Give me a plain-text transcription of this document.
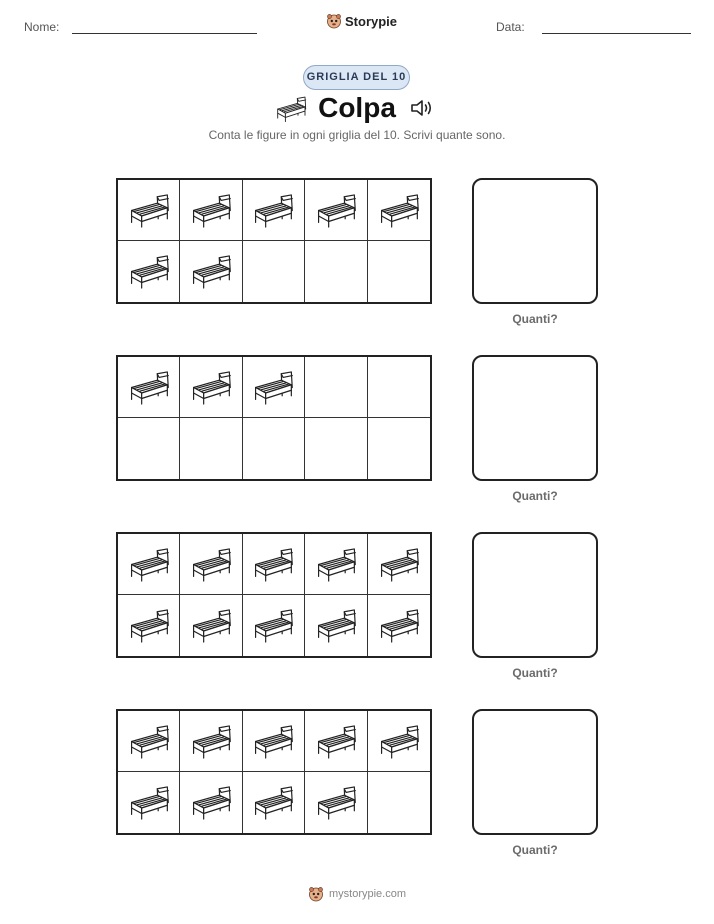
Nome:	Storypie	Data:
GRIGLIA DEL 10
Colpa
Conta le figure in ogni griglia del 10. Scrivi quante sono.
Quanti?
Quanti?
Quanti?
Quanti?
mystorypie.com
